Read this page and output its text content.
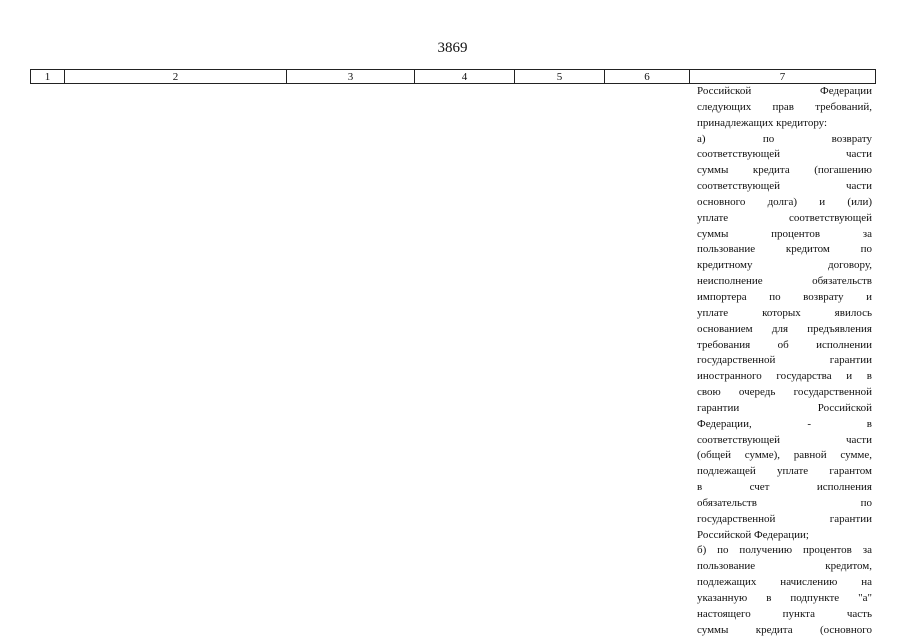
3869
1	2	3	4	5	6	7
Российской Федерации
следующих прав требований,
принадлежащих кредитору:
а) по возврату
соответствующей части
суммы кредита (погашению
соответствующей части
основного долга) и (или)
уплате соответствующей
суммы процентов за
пользование кредитом по
кредитному договору,
неисполнение обязательств
импортера по возврату и
уплате которых явилось
основанием для предъявления
требования об исполнении
государственной гарантии
иностранного государства и в
свою очередь государственной
гарантии Российской
Федерации, - в
соответствующей части
(общей сумме), равной сумме,
подлежащей уплате гарантом
в счет исполнения
обязательств по
государственной гарантии
Российской Федерации;
б) по получению процентов за
пользование кредитом,
подлежащих начислению на
указанную в подпункте "а"
настоящего пункта часть
суммы кредита (основного
